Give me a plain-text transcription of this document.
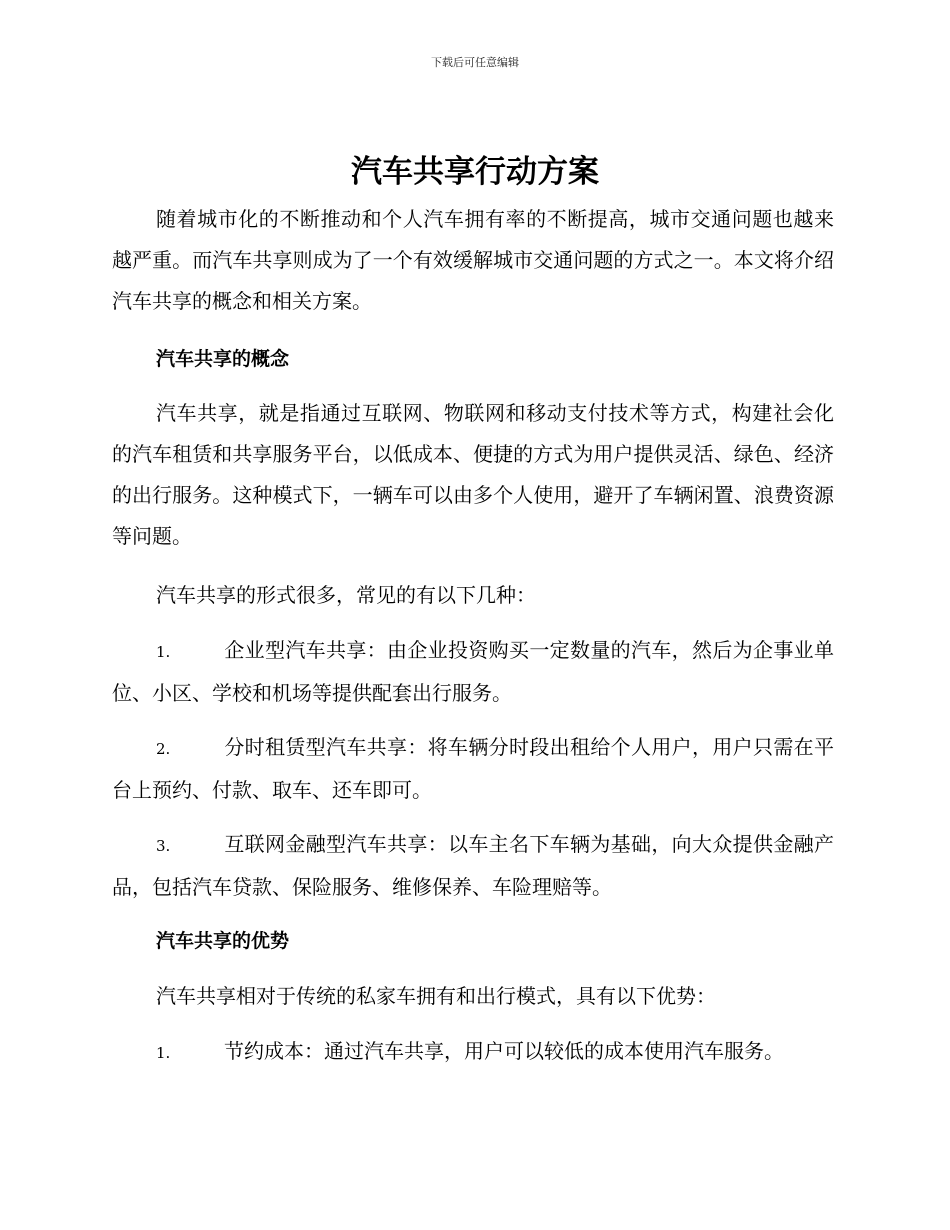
下载后可任意编辑
汽车共享行动方案

随着城市化的不断推动和个人汽车拥有率的不断提高，城市交通问题也越来越严重。而汽车共享则成为了一个有效缓解城市交通问题的方式之一。本文将介绍汽车共享的概念和相关方案。

汽车共享的概念

汽车共享，就是指通过互联网、物联网和移动支付技术等方式，构建社会化的汽车租赁和共享服务平台，以低成本、便捷的方式为用户提供灵活、绿色、经济的出行服务。这种模式下，一辆车可以由多个人使用，避开了车辆闲置、浪费资源等问题。

汽车共享的形式很多，常见的有以下几种：

1.	企业型汽车共享：由企业投资购买一定数量的汽车，然后为企事业单位、小区、学校和机场等提供配套出行服务。

2.	分时租赁型汽车共享：将车辆分时段出租给个人用户，用户只需在平台上预约、付款、取车、还车即可。

3.	互联网金融型汽车共享：以车主名下车辆为基础，向大众提供金融产品，包括汽车贷款、保险服务、维修保养、车险理赔等。

汽车共享的优势

汽车共享相对于传统的私家车拥有和出行模式，具有以下优势：

1.	节约成本：通过汽车共享，用户可以较低的成本使用汽车服务。
